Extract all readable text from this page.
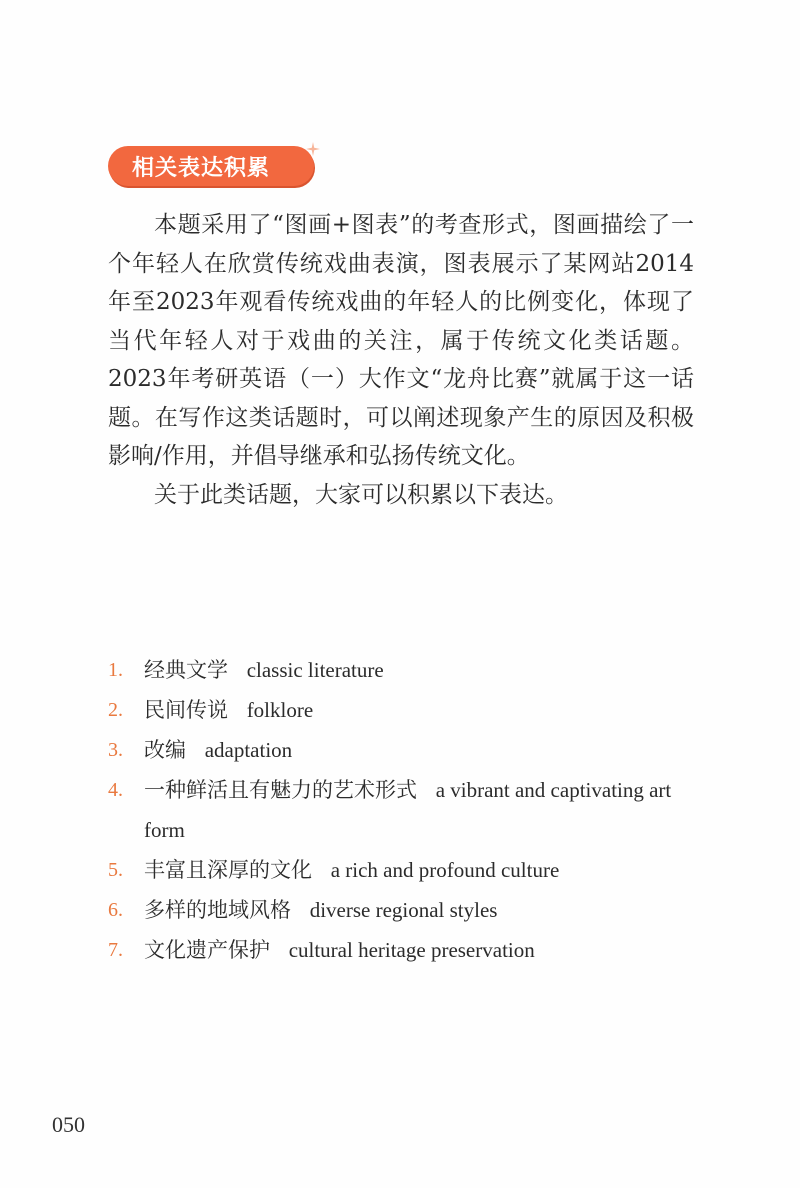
相关表达积累

本题采用了“图画+图表”的考查形式，图画描绘了一个年轻人在欣赏传统戏曲表演，图表展示了某网站2014年至2023年观看传统戏曲的年轻人的比例变化，体现了当代年轻人对于戏曲的关注，属于传统文化类话题。2023年考研英语（一）大作文“龙舟比赛”就属于这一话题。在写作这类话题时，可以阐述现象产生的原因及积极影响/作用，并倡导继承和弘扬传统文化。

关于此类话题，大家可以积累以下表达。

1. 经典文学 classic literature
2. 民间传说 folklore
3. 改编 adaptation
4. 一种鲜活且有魅力的艺术形式 a vibrant and captivating art form
5. 丰富且深厚的文化 a rich and profound culture
6. 多样的地域风格 diverse regional styles
7. 文化遗产保护 cultural heritage preservation
050
